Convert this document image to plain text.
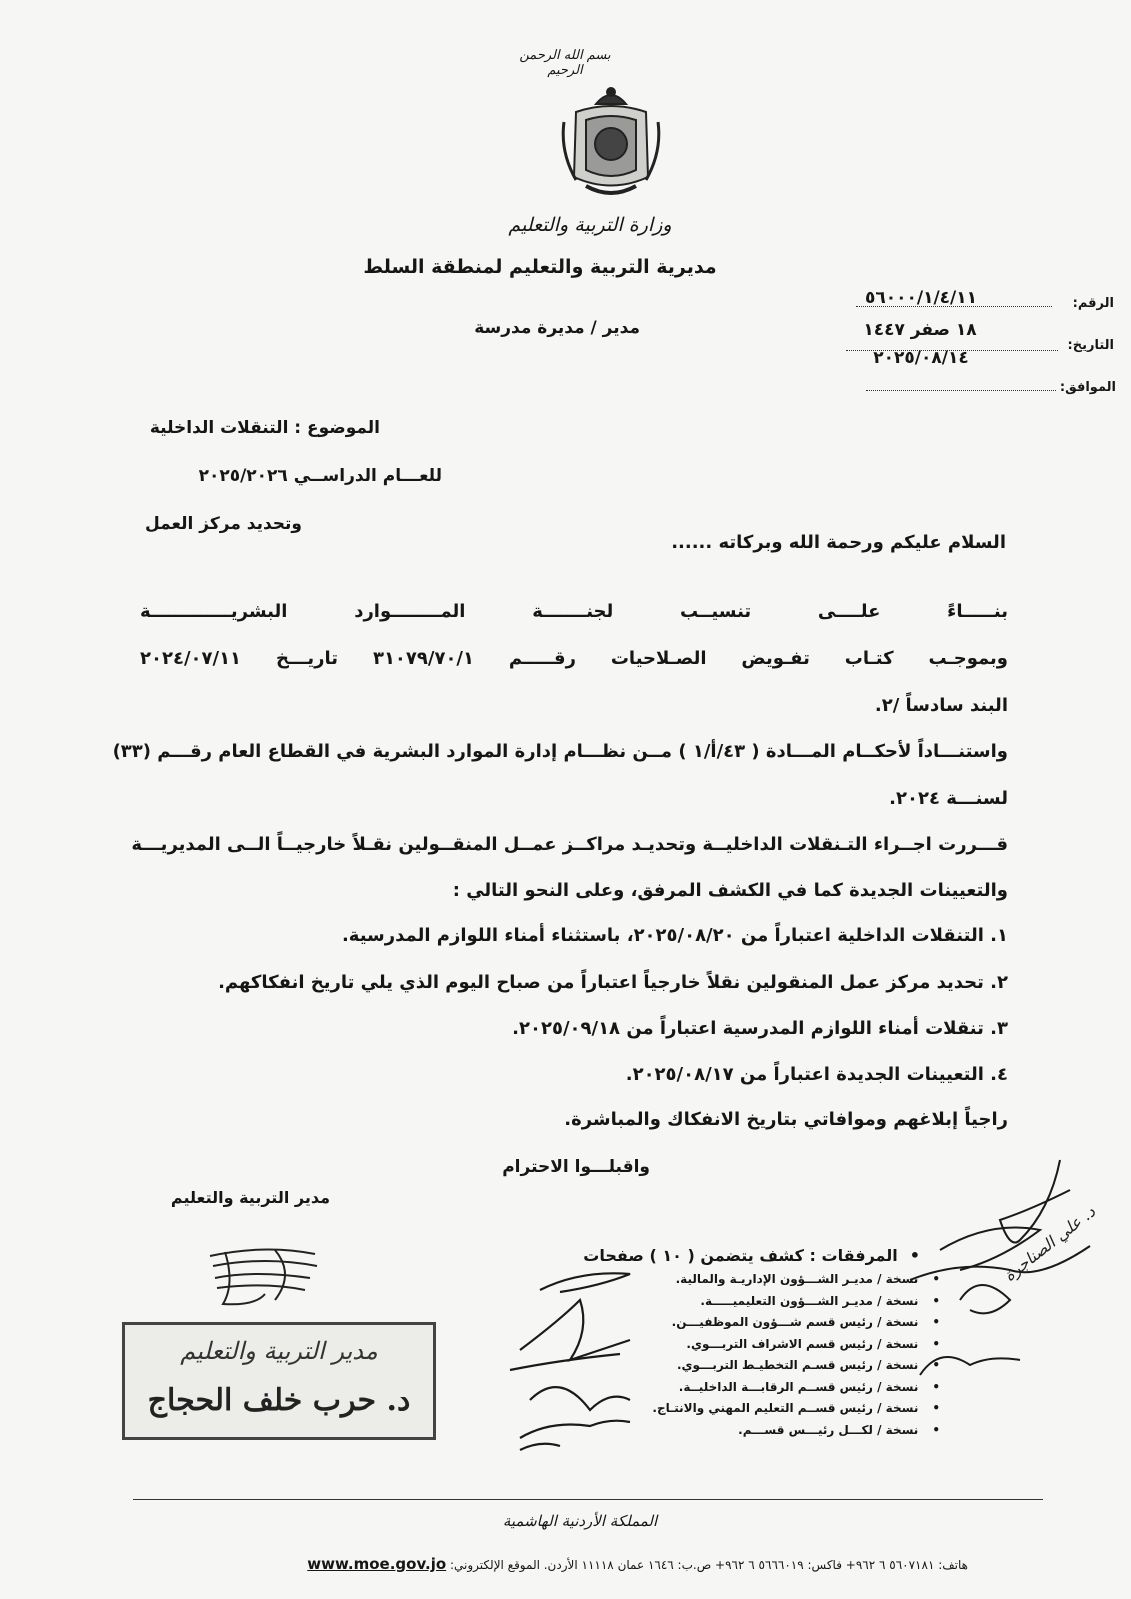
بسم الله الرحمن الرحيم
وزارة التربية والتعليم
مديرية التربية والتعليم لمنطقة السلط
الرقم:
١/٤/١١‏/٥٦٠٠٠
١٨ صفر ١٤٤٧
التاريخ:
٢٠٢٥/٠٨/١٤
الموافق:
مدير / مديرة مدرسة
الموضوع : التنقلات الداخلية
للعـــام الدراســي ٢٠٢٥/٢٠٢٦
وتحديد مركز العمل
السلام عليكم ورحمة الله وبركاته ......
بنـــــاءً علــــى تنسيــب لجنـــــــة المــــــــوارد البشريـــــــــــــة
وبموجـب كتـاب تفـويض الصـلاحيات رقـــــم ٣١٠٧٩/٧٠/١ تاريـــخ ٢٠٢٤/٠٧/١١
البند سادساً /٢.
واستنـــاداً لأحكــام المـــادة ( ٤٣/أ/١ ) مــن نظـــام إدارة الموارد البشرية في القطاع العام رقـــم (٣٣)
لسنـــة ٢٠٢٤.
قـــررت اجــراء التـنقلات الداخليــة وتحديـد مراكــز عمــل المنقــولين نقـلاً خارجيــاً الــى المديريـــة
والتعيينات الجديدة كما في الكشف المرفق، وعلى النحو التالي :
١. التنقلات الداخلية اعتباراً من ٢٠٢٥/٠٨/٢٠، باستثناء أمناء اللوازم المدرسية.
٢. تحديد مركز عمل المنقولين نقلاً خارجياً اعتباراً من صباح اليوم الذي يلي تاريخ انفكاكهم.
٣. تنقلات أمناء اللوازم المدرسية اعتباراً من ٢٠٢٥/٠٩/١٨.
٤. التعيينات الجديدة اعتباراً من ٢٠٢٥/٠٨/١٧.
راجياً إبلاغهم وموافاتي بتاريخ الانفكاك والمباشرة.
واقبلـــوا الاحترام
مدير التربية والتعليم
مدير التربية والتعليم
د. حرب خلف الحجاج
•المرفقات : كشف يتضمن ( ١٠ ) صفحات
• نسخة / مديـر الشـــؤون الإداريـة والمالية.
• نسخة / مديـر الشـــؤون التعليميـــــة.
• نسخة / رئيس قسم شـــؤون الموظفيـــن.
• نسخة / رئيس قسم الاشراف التربـــوي.
• نسخة / رئيس قسـم التخطيـط التربـــوي.
• نسخة / رئيس قســم الرقابـــة الداخليــة.
• نسخة / رئيس قســم التعليم المهني والانتـاج.
• نسخة / لكـــل رئيـــس قســـم.
د. علي الصناجرة
المملكة الأردنية الهاشمية
هاتف: ٥٦٠٧١٨١ ٦ ٩٦٢+ فاكس: ٥٦٦٦٠١٩ ٦ ٩٦٢+ ص.ب: ١٦٤٦ عمان ١١١١٨ الأردن. الموقع الإلكتروني: www.moe.gov.jo
